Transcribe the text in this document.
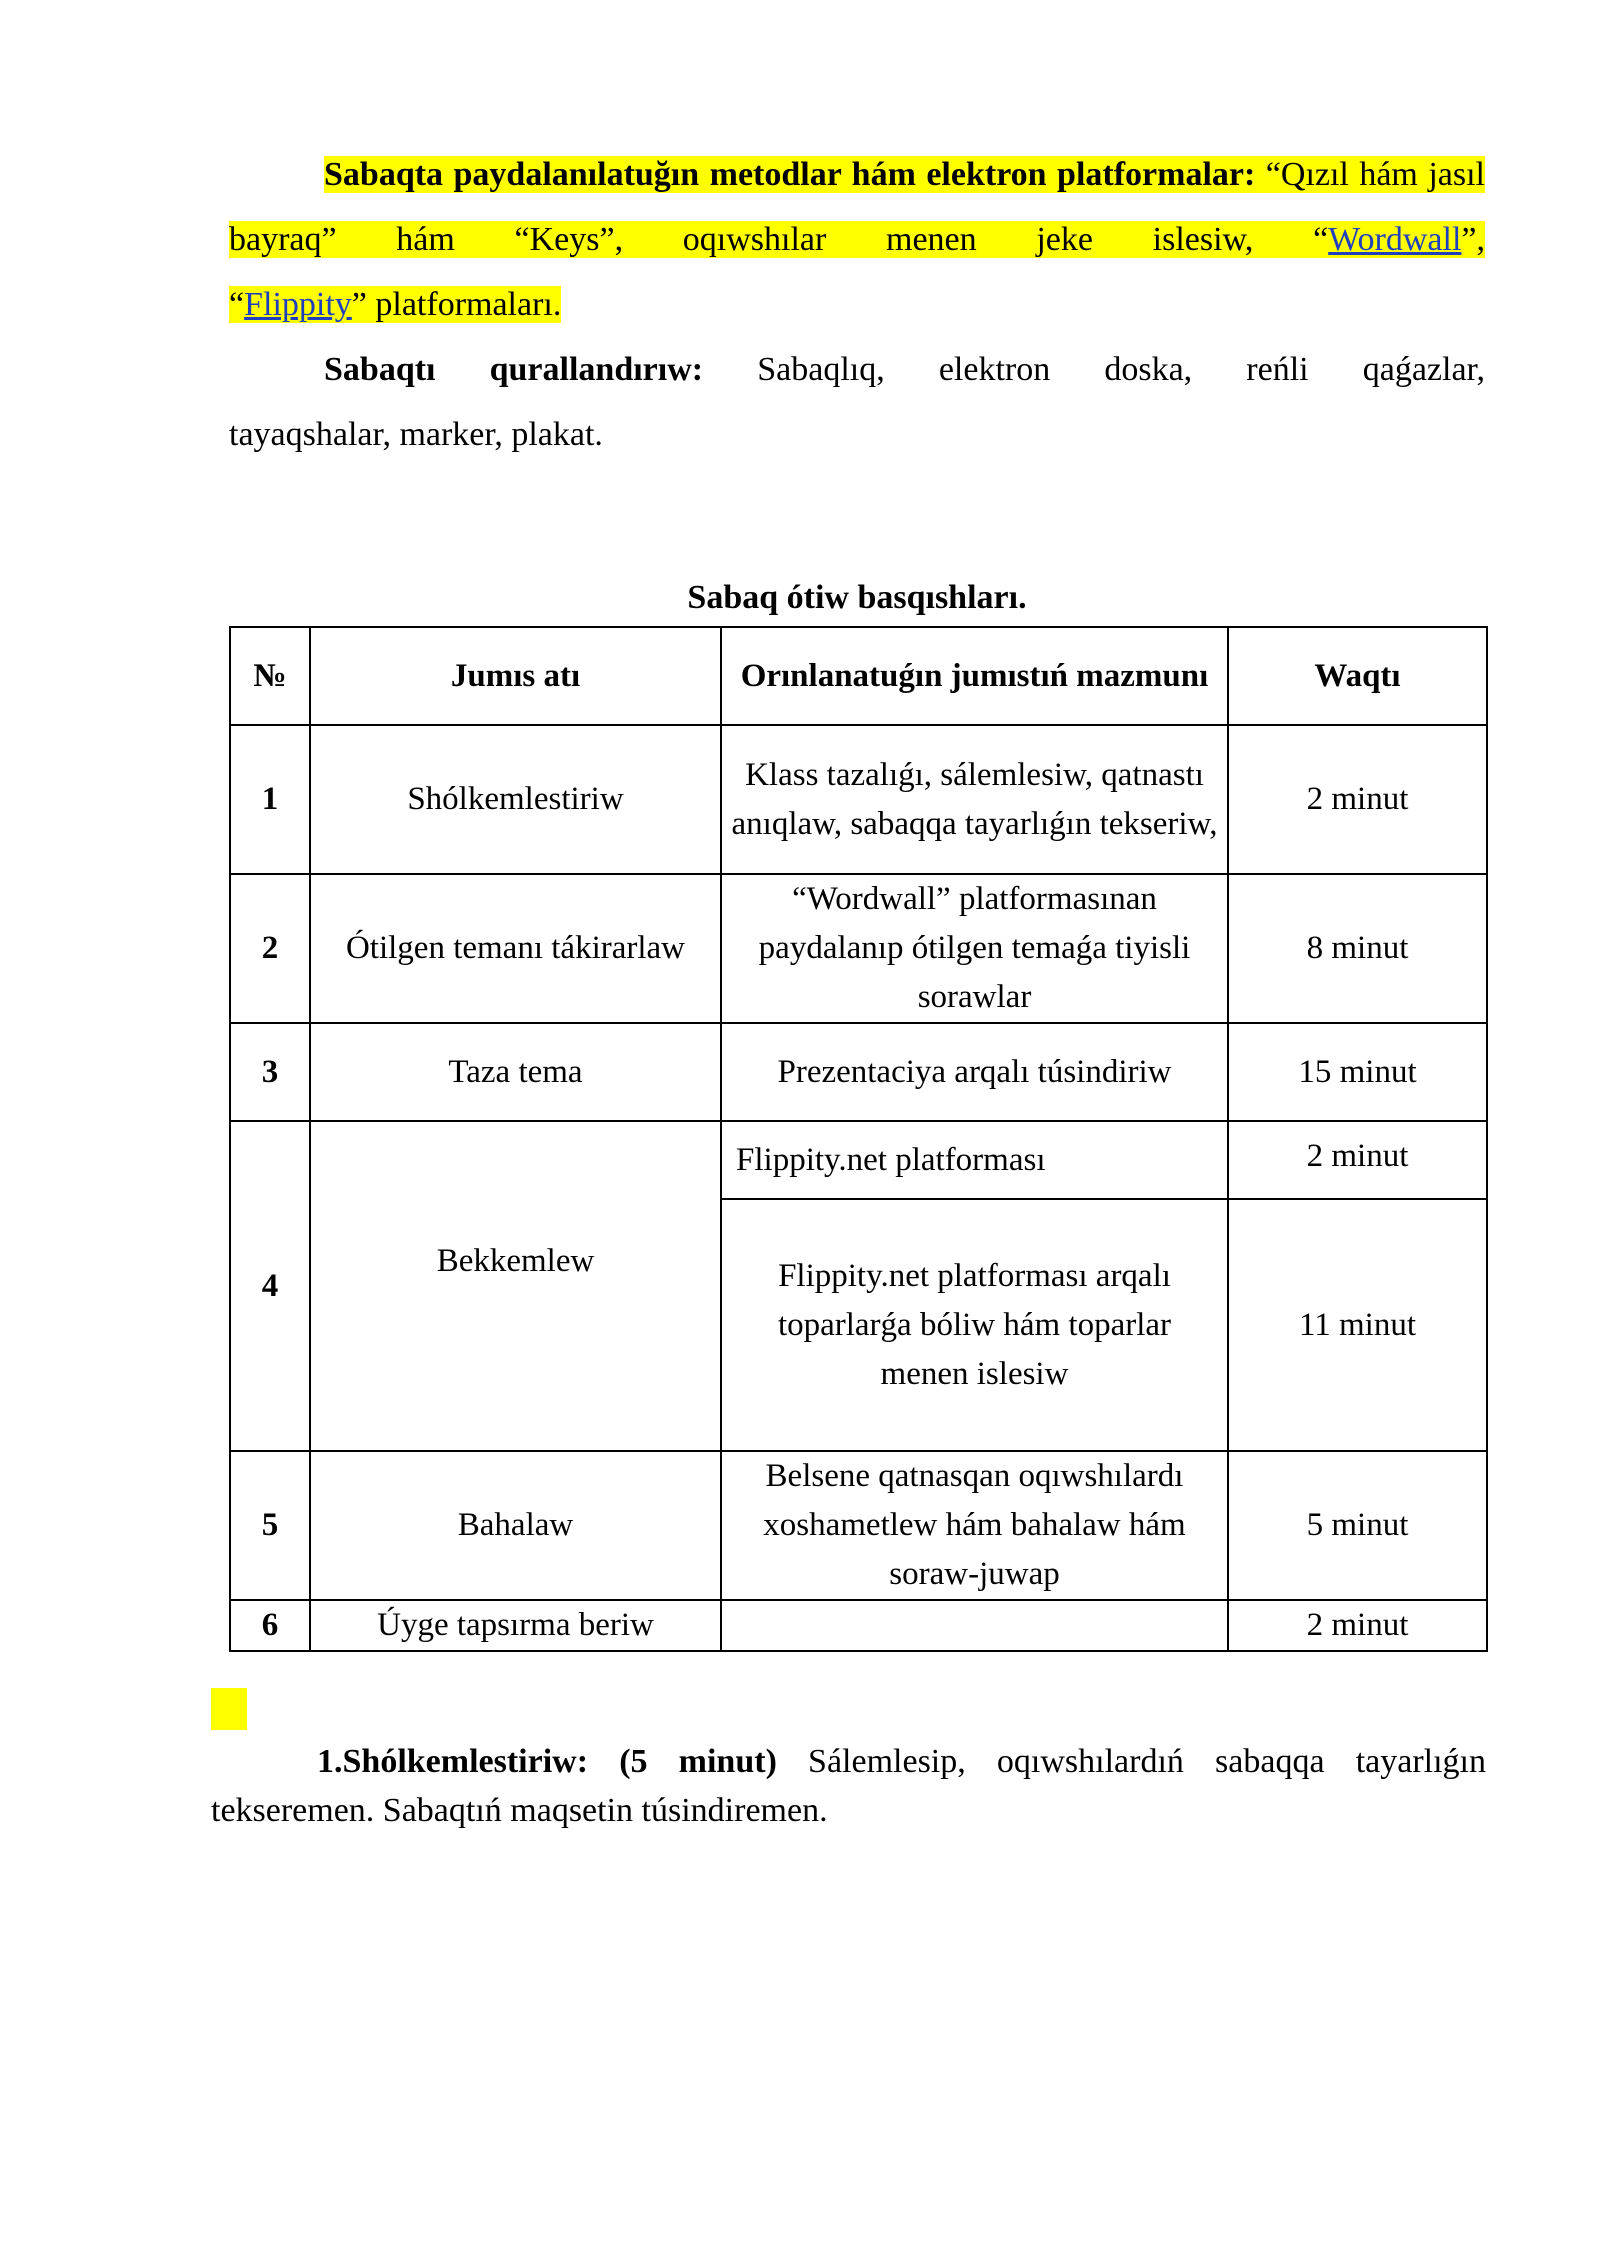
Sabaqta paydalanılatuğın metodlar hám elektron platformalar: “Qızıl hám jasıl bayraq” hám “Keys”, oqıwshılar menen jeke islesiw, “Wordwall”,
“Flippity” platformaları.
Sabaqtı qurallandırıw: Sabaqlıq, elektron doska, reńli qaǵazlar,
tayaqshalar, marker, plakat.
Sabaq ótiw basqıshları.
№	Jumıs atı	Orınlanatuǵın jumıstıń mazmunı	Waqtı
1	Shólkemlestiriw	Klass tazalıǵı, sálemlesiw, qatnastı anıqlaw, sabaqqa tayarlıǵın tekseriw,	2 minut
2	Ótilgen temanı tákirarlaw	“Wordwall” platformasınan paydalanıp ótilgen temaǵa tiyisli sorawlar	8 minut
3	Taza tema	Prezentaciya arqalı túsindiriw	15 minut
4	Bekkemlew	Flippity.net platforması	2 minut
		Flippity.net platforması arqalı toparlarǵa bóliw hám toparlar menen islesiw	11 minut
5	Bahalaw	Belsene qatnasqan oqıwshılardı xoshametlew hám bahalaw hám soraw-juwap	5 minut
6	Úyge tapsırma beriw		2 minut
1.Shólkemlestiriw: (5 minut) Sálemlesip, oqıwshılardıń sabaqqa tayarlıǵın tekseremen. Sabaqtıń maqsetin túsindiremen.
